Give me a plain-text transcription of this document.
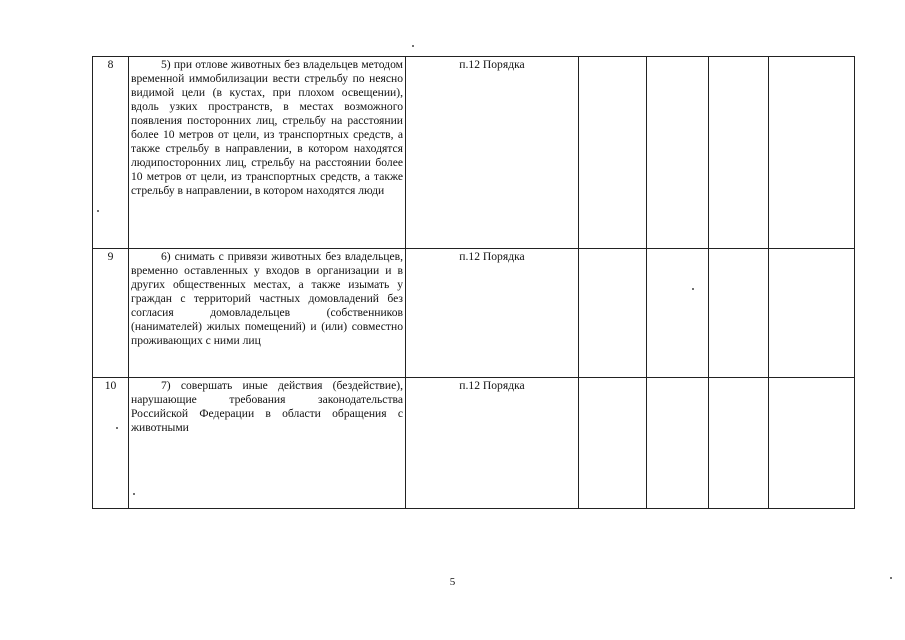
8	5) при отлове животных без владельцев методом временной иммобилизации вести стрельбу по неясно видимой цели (в кустах, при плохом освещении), вдоль узких пространств, в местах возможного появления посторонних лиц, стрельбу на расстоянии более 10 метров от цели, из транспортных средств, а также стрельбу в направлении, в котором находятся людипосторонних лиц, стрельбу на расстоянии более 10 метров от цели, из транспортных средств, а также стрельбу в направлении, в котором находятся люди	п.12 Порядка				
9	6) снимать с привязи животных без владельцев, временно оставленных у входов в организации и в других общественных местах, а также изымать у граждан с территорий частных домовладений без согласия домовладельцев (собственников (нанимателей) жилых помещений) и (или) совместно проживающих с ними лиц	п.12 Порядка				
10	7) совершать иные действия (бездействие), нарушающие требования законодательства Российской Федерации в области обращения с животными	п.12 Порядка				
5
